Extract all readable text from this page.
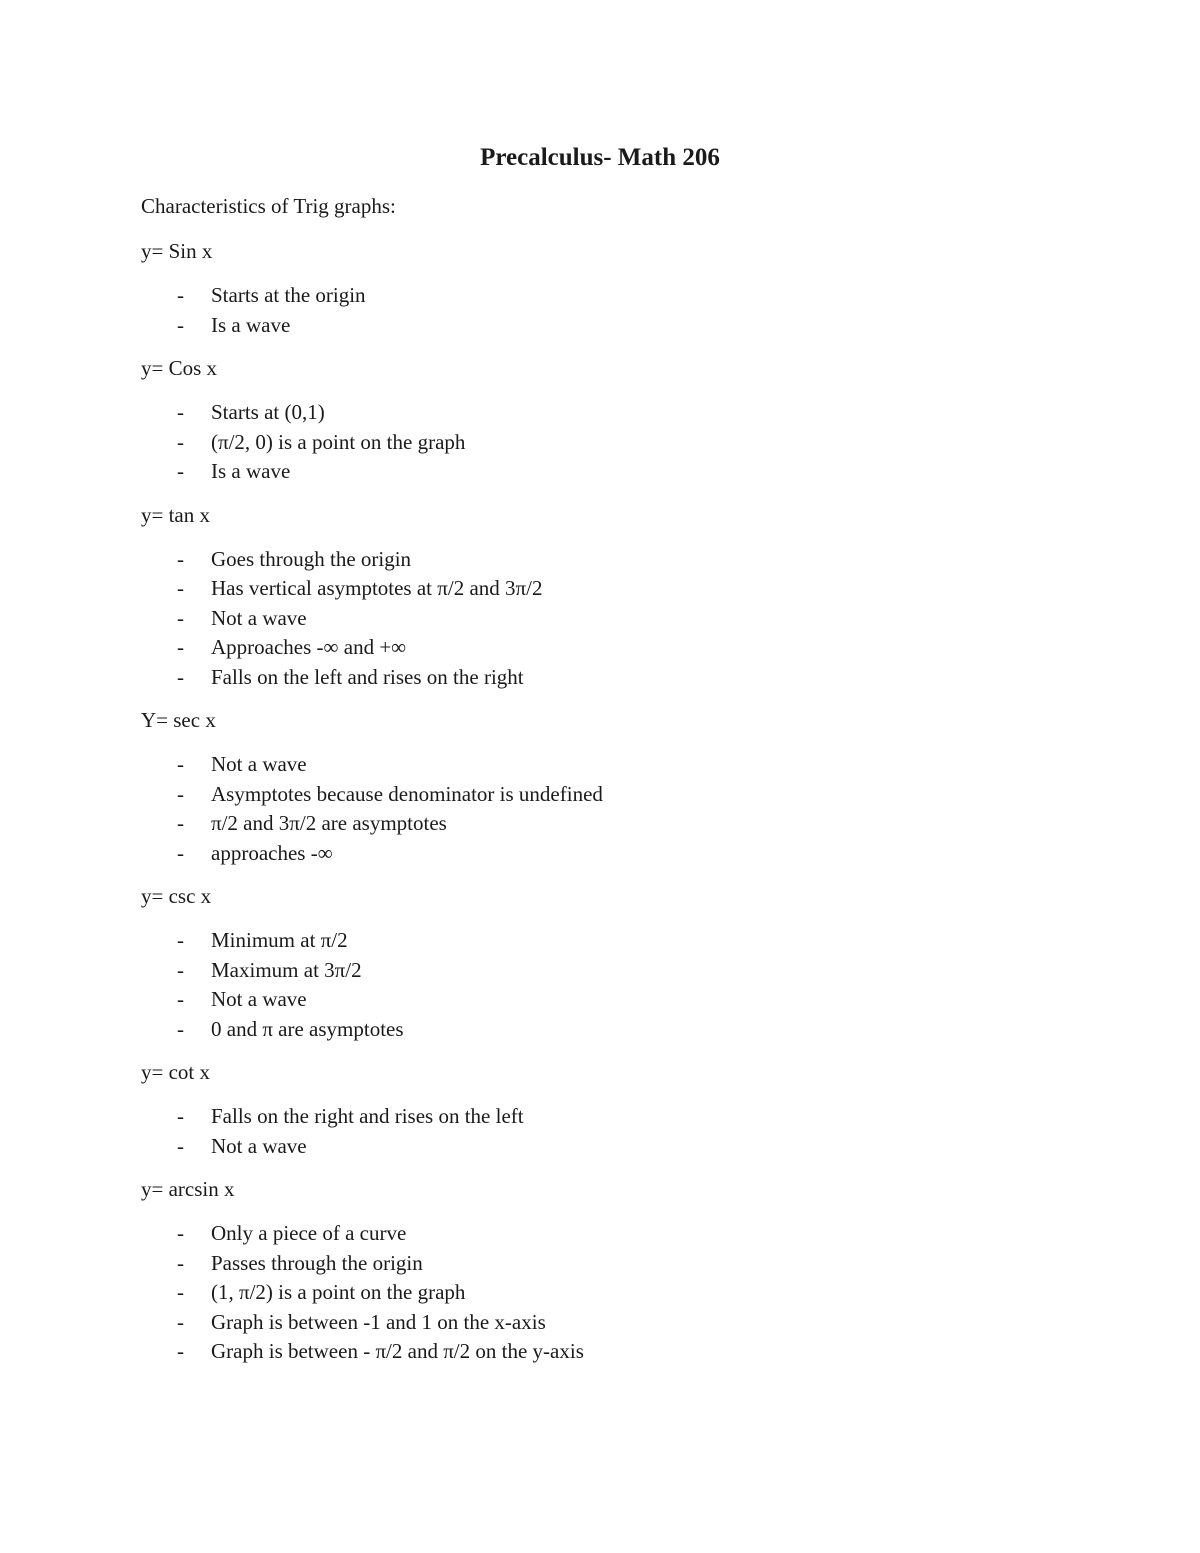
Precalculus- Math 206

Characteristics of Trig graphs:

y= Sin x

- Starts at the origin
- Is a wave

y= Cos x

- Starts at (0,1)
- (π/2, 0) is a point on the graph
- Is a wave

y= tan x

- Goes through the origin
- Has vertical asymptotes at π/2 and 3π/2
- Not a wave
- Approaches -∞ and +∞
- Falls on the left and rises on the right

Y= sec x

- Not a wave
- Asymptotes because denominator is undefined
- π/2 and 3π/2 are asymptotes
- approaches -∞

y= csc x

- Minimum at π/2
- Maximum at 3π/2
- Not a wave
- 0 and π are asymptotes

y= cot x

- Falls on the right and rises on the left
- Not a wave

y= arcsin x

- Only a piece of a curve
- Passes through the origin
- (1, π/2) is a point on the graph
- Graph is between -1 and 1 on the x-axis
- Graph is between - π/2 and π/2 on the y-axis
